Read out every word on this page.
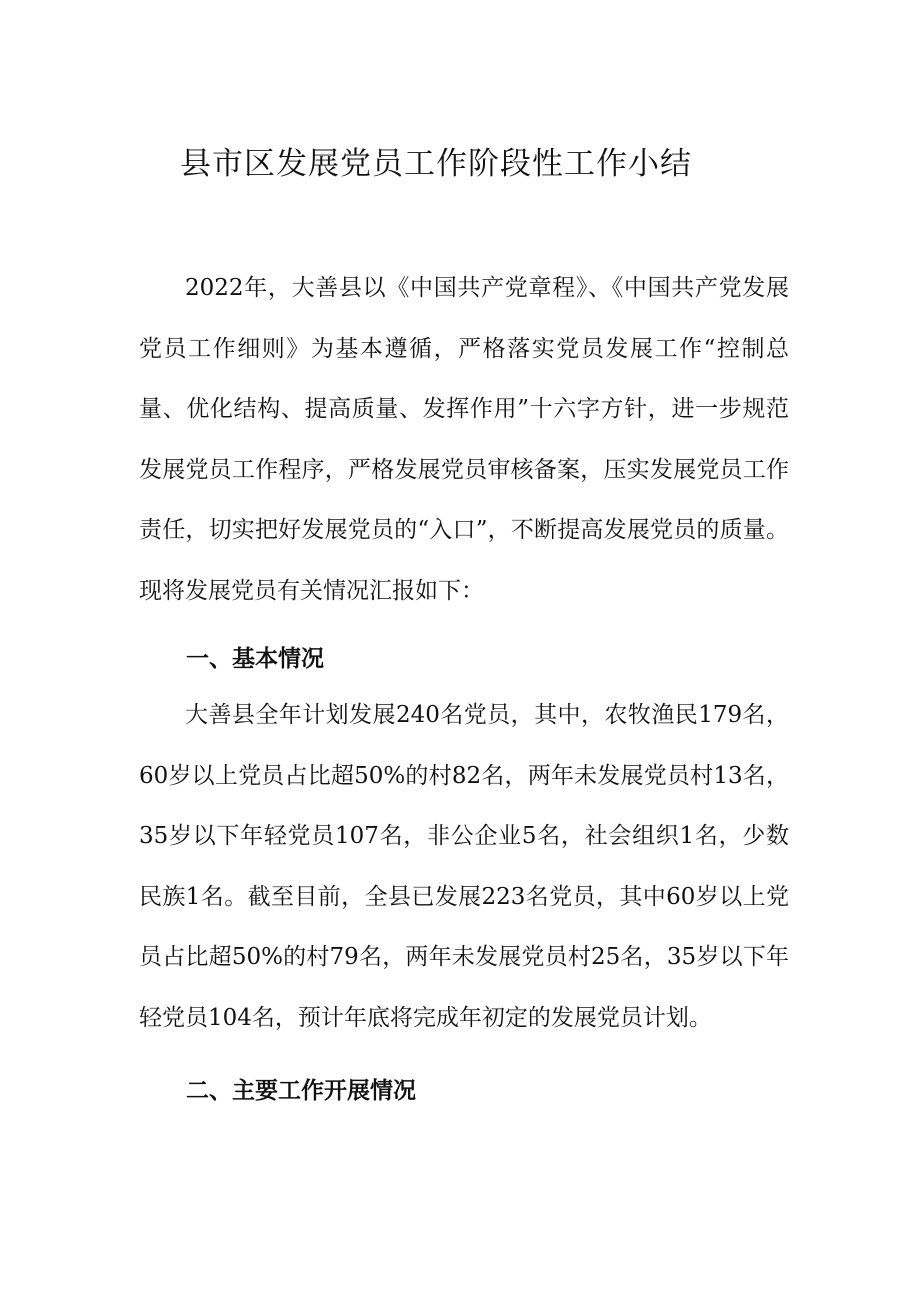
县市区发展党员工作阶段性工作小结

2022年，大善县以《中国共产党章程》、《中国共产党发展党员工作细则》为基本遵循，严格落实党员发展工作“控制总量、优化结构、提高质量、发挥作用”十六字方针，进一步规范发展党员工作程序，严格发展党员审核备案，压实发展党员工作责任，切实把好发展党员的“入口”，不断提高发展党员的质量。现将发展党员有关情况汇报如下：

一、基本情况

大善县全年计划发展240名党员，其中，农牧渔民179名，60岁以上党员占比超50%的村82名，两年未发展党员村13名，35岁以下年轻党员107名，非公企业5名，社会组织1名，少数民族1名。截至目前，全县已发展223名党员，其中60岁以上党员占比超50%的村79名，两年未发展党员村25名，35岁以下年轻党员104名，预计年底将完成年初定的发展党员计划。

二、主要工作开展情况
